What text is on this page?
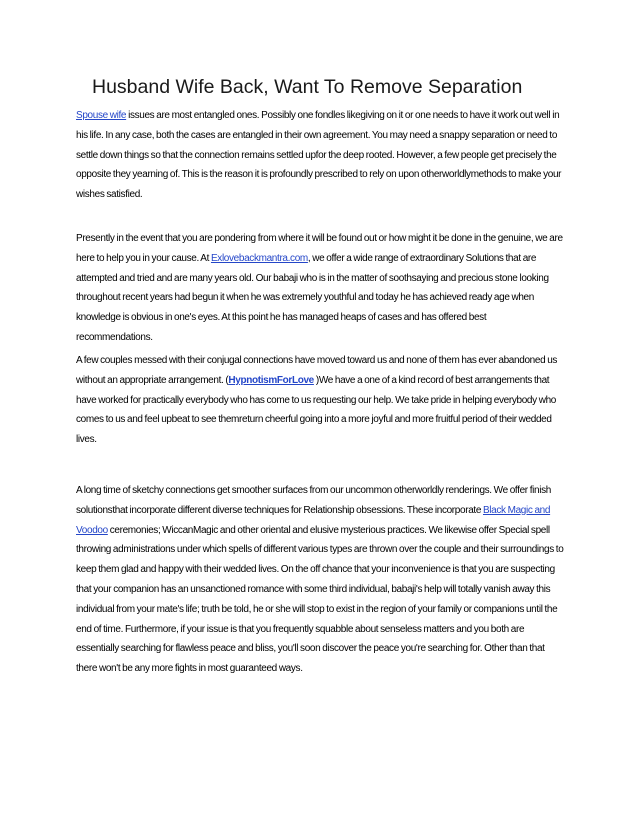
Husband Wife Back, Want To Remove Separation

Spouse wife issues are most entangled ones. Possibly one fondles likegiving on it or one needs to have it work out well in his life. In any case, both the cases are entangled in their own agreement. You may need a snappy separation or need to settle down things so that the connection remains settled upfor the deep rooted. However, a few people get precisely the opposite they yearning of. This is the reason it is profoundly prescribed to rely on upon otherworldlymethods to make your wishes satisfied.

Presently in the event that you are pondering from where it will be found out or how might it be done in the genuine, we are here to help you in your cause. At Exlovebackmantra.com, we offer a wide range of extraordinary Solutions that are attempted and tried and are many years old. Our babaji who is in the matter of soothsaying and precious stone looking throughout recent years had begun it when he was extremely youthful and today he has achieved ready age when knowledge is obvious in one's eyes. At this point he has managed heaps of cases and has offered best recommendations.

A few couples messed with their conjugal connections have moved toward us and none of them has ever abandoned us without an appropriate arrangement. (HypnotismForLove )We have a one of a kind record of best arrangements that have worked for practically everybody who has come to us requesting our help. We take pride in helping everybody who comes to us and feel upbeat to see themreturn cheerful going into a more joyful and more fruitful period of their wedded lives.

A long time of sketchy connections get smoother surfaces from our uncommon otherworldly renderings. We offer finish solutionsthat incorporate different diverse techniques for Relationship obsessions. These incorporate Black Magic and Voodoo ceremonies; WiccanMagic and other oriental and elusive mysterious practices. We likewise offer Special spell throwing administrations under which spells of different various types are thrown over the couple and their surroundings to keep them glad and happy with their wedded lives. On the off chance that your inconvenience is that you are suspecting that your companion has an unsanctioned romance with some third individual, babaji's help will totally vanish away this individual from your mate's life; truth be told, he or she will stop to exist in the region of your family or companions until the end of time. Furthermore, if your issue is that you frequently squabble about senseless matters and you both are essentially searching for flawless peace and bliss, you'll soon discover the peace you're searching for. Other than that there won't be any more fights in most guaranteed ways.
